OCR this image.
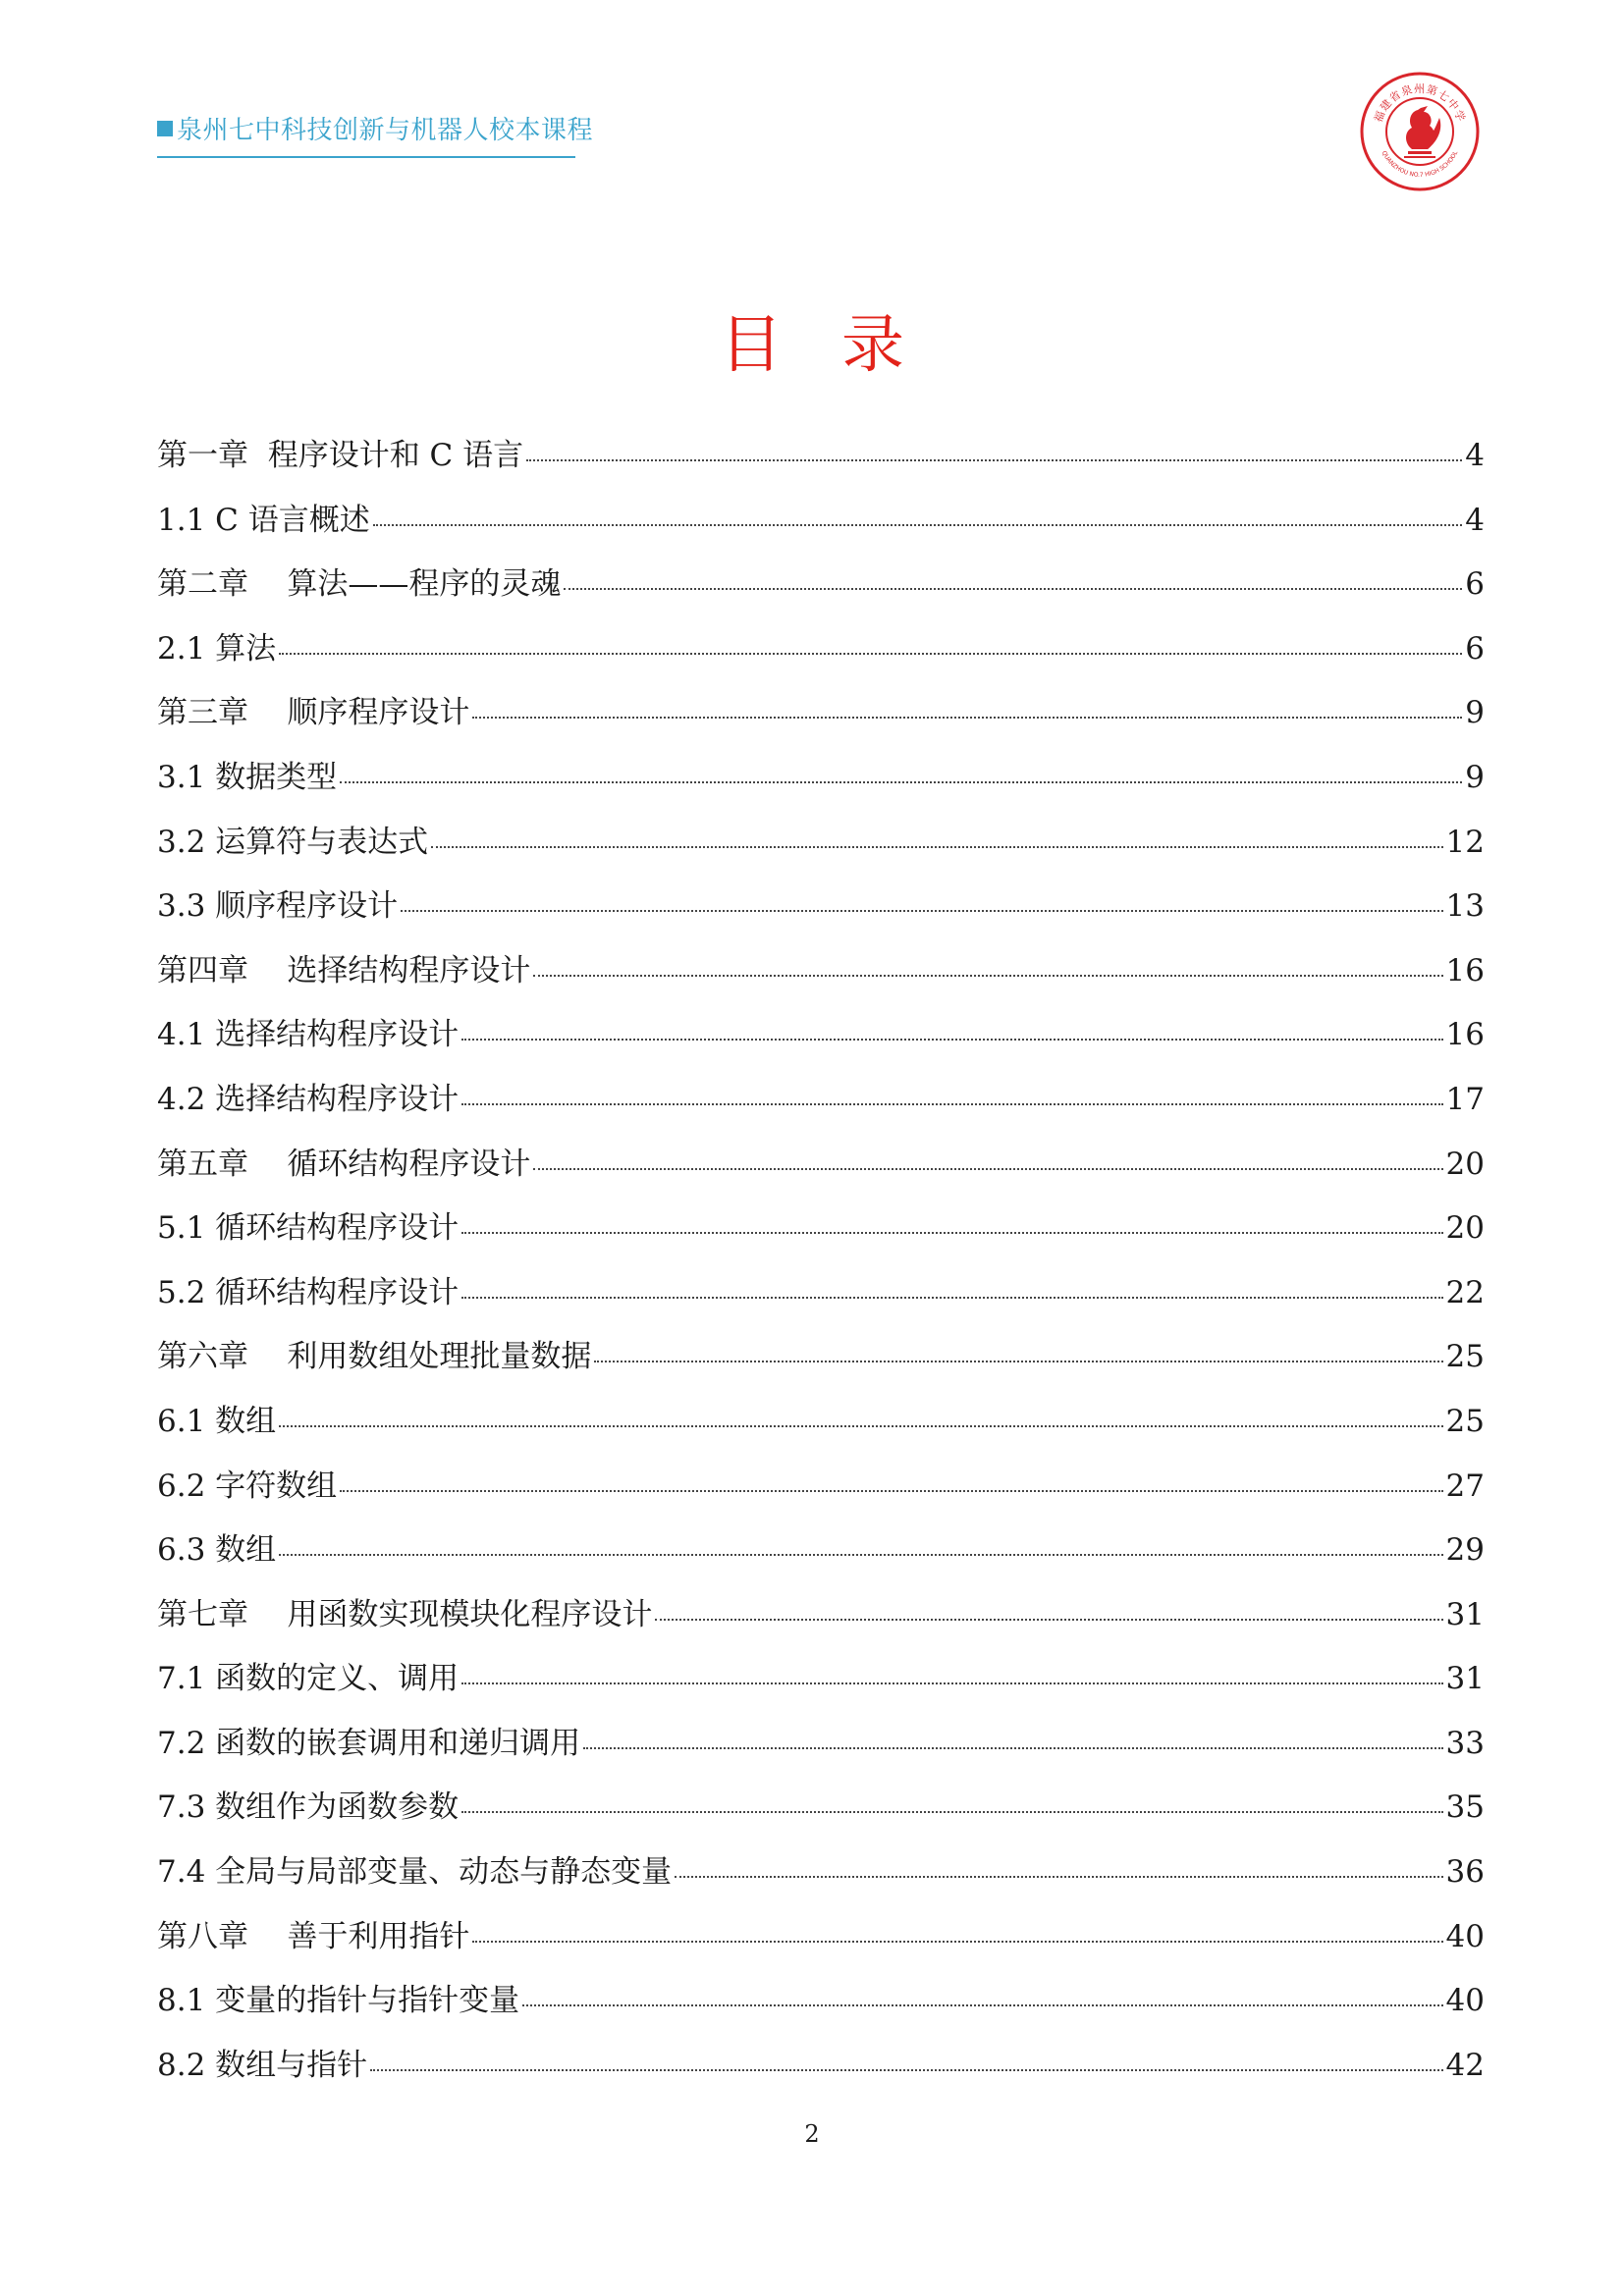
泉州七中科技创新与机器人校本课程	福建省泉州第七中学
QUANZHOU NO.7 HIGH SCHOOL
目录
第一章  程序设计和 C 语言	4
1.1 C 语言概述	4
第二章    算法——程序的灵魂	6
2.1 算法	6
第三章    顺序程序设计	9
3.1 数据类型	9
3.2 运算符与表达式	12
3.3 顺序程序设计	13
第四章    选择结构程序设计	16
4.1 选择结构程序设计	16
4.2 选择结构程序设计	17
第五章    循环结构程序设计	20
5.1 循环结构程序设计	20
5.2 循环结构程序设计	22
第六章    利用数组处理批量数据	25
6.1 数组	25
6.2 字符数组	27
6.3 数组	29
第七章    用函数实现模块化程序设计	31
7.1 函数的定义、调用	31
7.2 函数的嵌套调用和递归调用	33
7.3 数组作为函数参数	35
7.4 全局与局部变量、动态与静态变量	36
第八章    善于利用指针	40
8.1 变量的指针与指针变量	40
8.2 数组与指针	42
2
